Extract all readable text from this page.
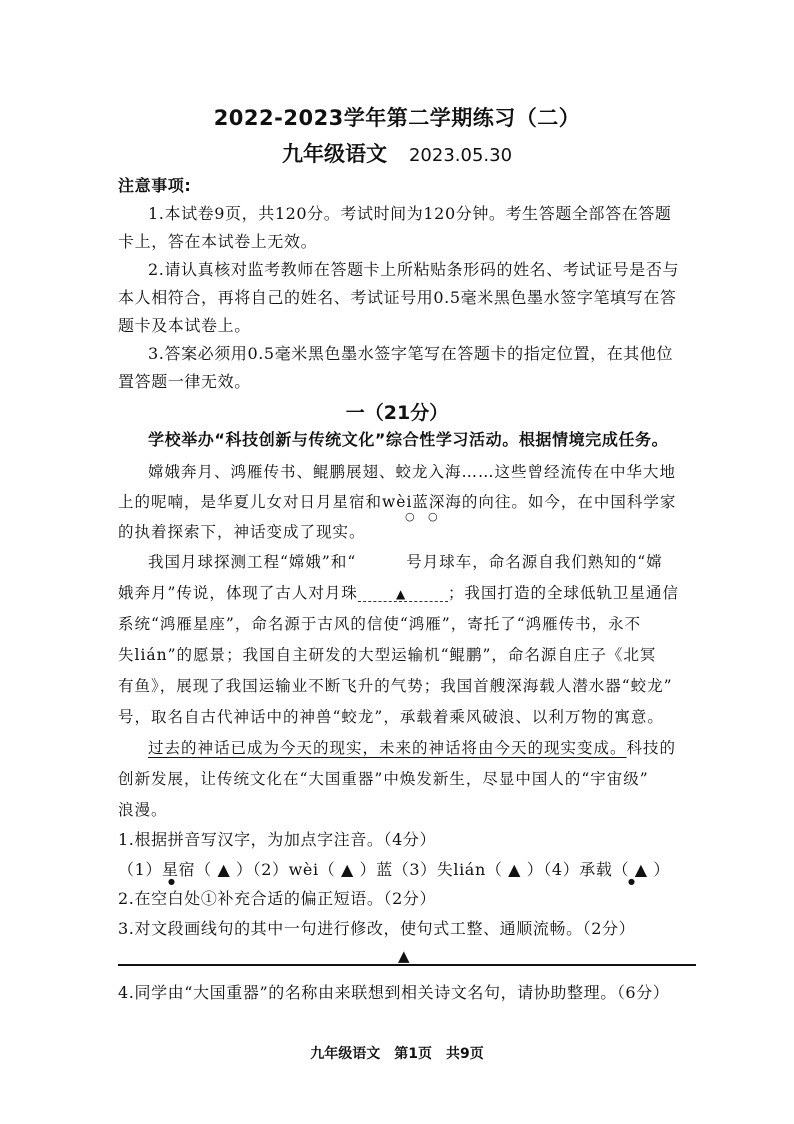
2022-2023学年第二学期练习（二）
九年级语文 2023.05.30
注意事项:
1.本试卷9页，共120分。考试时间为120分钟。考生答题全部答在答题
卡上，答在本试卷上无效。
2.请认真核对监考教师在答题卡上所粘贴条形码的姓名、考试证号是否与
本人相符合，再将自己的姓名、考试证号用0.5毫米黑色墨水签字笔填写在答
题卡及本试卷上。
3.答案必须用0.5毫米黑色墨水签字笔写在答题卡的指定位置，在其他位
置答题一律无效。
一（21分）
学校举办“科技创新与传统文化”综合性学习活动。根据情境完成任务。
嫦娥奔月、鸿雁传书、鲲鹏展翅、蛟龙入海……这些曾经流传在中华大地
上的呢喃，是华夏儿女对日月星宿和wèi蓝深海的向往。如今，在中国科学家
○ ○
的执着探索下，神话变成了现实。
我国月球探测工程“嫦娥”和“	号月球车，命名源自我们熟知的“嫦
娥奔月”传说，体现了古人对月珠	▲	；我国打造的全球低轨卫星通信
系统“鸿雁星座”，命名源于古风的信使“鸿雁”，寄托了“鸿雁传书，永不
失lián”的愿景；我国自主研发的大型运输机“鲲鹏”，命名源自庄子《北冥
有鱼》，展现了我国运输业不断飞升的气势；我国首艘深海载人潜水器“蛟龙”
号，取名自古代神话中的神兽“蛟龙”，承载着乘风破浪、以利万物的寓意。
过去的神话已成为今天的现实，未来的神话将由今天的现实变成。科技的
创新发展，让传统文化在“大国重器”中焕发新生，尽显中国人的“宇宙级”
浪漫。
1.根据拼音写汉字，为加点字注音。（4分）
（1）星宿（ ▲ ）（2）wèi（ ▲ ）蓝（3）失lián（ ▲ ）（4）承载（ ▲ ）
●	●
2.在空白处①补充合适的偏正短语。（2分）
3.对文段画线句的其中一句进行修改，使句式工整、通顺流畅。（2分）
▲
4.同学由“大国重器”的名称由来联想到相关诗文名句，请协助整理。（6分）
九年级语文　第1页　共9页
